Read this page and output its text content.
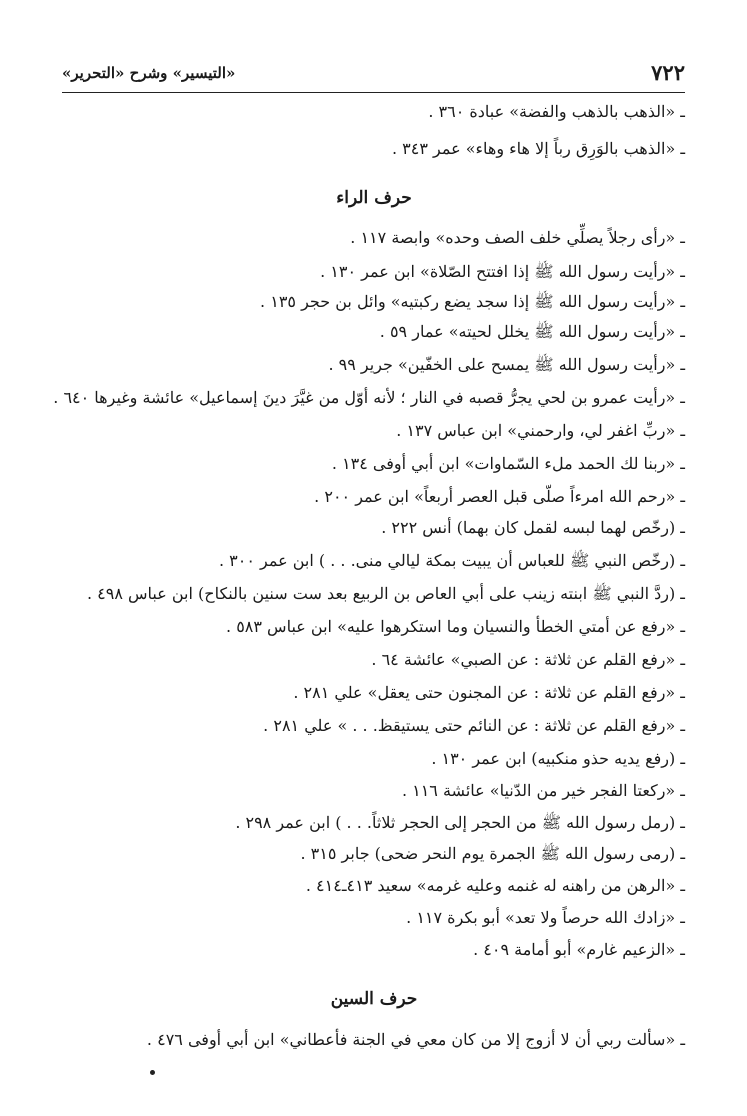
٧٢٢
«التيسير» وشرح «التحرير»
ـ «الذهب بالذهب والفضة» عبادة ٣٦٠ .
ـ «الذهب بالوَرِق رباً إلا هاء وهاء» عمر ٣٤٣ .
حرف الراء
ـ «رأى رجلاً يصلِّي خلف الصف وحده» وابصة ١١٧ .
ـ «رأيت رسول الله ﷺ إذا افتتح الصّلاة» ابن عمر ١٣٠ .
ـ «رأيت رسول الله ﷺ إذا سجد يضع ركبتيه» وائل بن حجر ١٣٥ .
ـ «رأيت رسول الله ﷺ يخلل لحيته» عمار ٥٩ .
ـ «رأيت رسول الله ﷺ يمسح على الخفّين» جرير ٩٩ .
ـ «رأيت عمرو بن لحي يجرُّ قصبه في النار ؛ لأنه أوّل من غيَّرَ دينَ إسماعيل» عائشة وغيرها ٦٤٠ .
ـ «ربِّ اغفر لي، وارحمني» ابن عباس ١٣٧ .
ـ «ربنا لك الحمد ملء السّماوات» ابن أبي أوفى ١٣٤ .
ـ «رحم الله امرءاً صلّى قبل العصر أربعاً» ابن عمر ٢٠٠ .
ـ (رخّص لهما لبسه لقمل كان بهما) أنس ٢٢٢ .
ـ (رخّص النبي ﷺ للعباس أن يبيت بمكة ليالي منى. . . ) ابن عمر ٣٠٠ .
ـ (ردَّ النبي ﷺ ابنته زينب على أبي العاص بن الربيع بعد ست سنين بالنكاح) ابن عباس ٤٩٨ .
ـ «رفع عن أمتي الخطأ والنسيان وما استكرهوا عليه» ابن عباس ٥٨٣ .
ـ «رفع القلم عن ثلاثة : عن الصبي» عائشة ٦٤ .
ـ «رفع القلم عن ثلاثة : عن المجنون حتى يعقل» علي ٢٨١ .
ـ «رفع القلم عن ثلاثة : عن النائم حتى يستيقظ. . . » علي ٢٨١ .
ـ (رفع يديه حذو منكبيه) ابن عمر ١٣٠ .
ـ «ركعتا الفجر خير من الدّنيا» عائشة ١١٦ .
ـ (رمل رسول الله ﷺ من الحجر إلى الحجر ثلاثاً. . . ) ابن عمر ٢٩٨ .
ـ (رمى رسول الله ﷺ الجمرة يوم النحر ضحى) جابر ٣١٥ .
ـ «الرهن من راهنه له غنمه وعليه غرمه» سعيد ٤١٣ـ٤١٤ .
ـ «زادك الله حرصاً ولا تعد» أبو بكرة ١١٧ .
ـ «الزعيم غارم» أبو أمامة ٤٠٩ .
حرف السين
ـ «سألت ربي أن لا أزوج إلا من كان معي في الجنة فأعطاني» ابن أبي أوفى ٤٧٦ .
